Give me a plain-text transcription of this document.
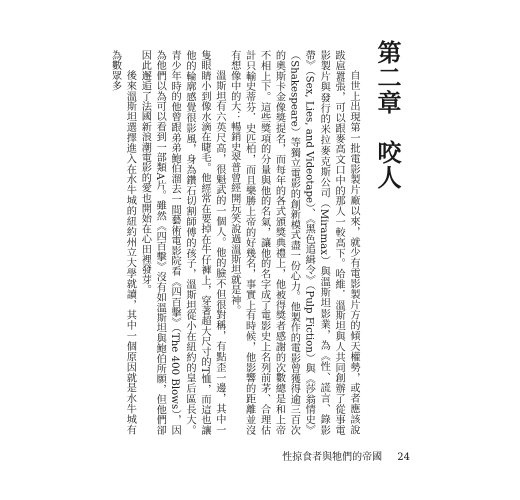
第二章　咬人

自世上出現第一批電影製片廠以來，就少有電影製片方的傾天權勢，或者應該說跋扈囂張，可以跟麥高文口中的那人一較高下。哈維．溫斯坦與人共同創辦了從事電影製片與發行的米拉麥克斯公司（Miramax）與溫斯坦影業，為《性、謊言、錄影帶》（Sex, Lies, and Videotape）、《黑色追緝令》（Pulp Fiction）與《莎翁情史》（Shakespeare）等獨立電影的創新模式盡一份心力。他製作的電影曾獲得逾三百次的奧斯卡金像獎提名，而每年的各式頒獎典禮上，他被得獎者感謝的次數總是和上帝不相上下。這些獎項的分量與他的名氣，讓他的名字成了電影史上名列前茅、合理估計只輸史蒂芬．史匹柏，而且樂勝上帝的好幾名，事實上有時候，他影響的距離並沒有想像中的大：暢銷史翠普曾經開玩笑說過溫斯坦就是神。

溫斯坦有六英尺高，很魁武的一個人。他的臉不但很對稱，有點歪一邊，其中一隻眼睛小到像水滴在睫毛。他經常在要掉在牛仔褲上，穿著超大尺寸的T恤，而這也讓他的輪廓感覺很影風，身為鑽石切割師傅的孩子，溫斯坦從小在紐約的皇后區長大。青少年時的他曾跟弟弟鮑伯溜去一間藝術電影院看《四百擊》（The 400 Blows），因為他們以為可以看到一部類A片。雖然《四百擊》沒有如溫斯坦與鮑伯所願，但他們卻因此邂逅了法國新浪潮電影的愛也開始在心田裡發芽。

後來溫斯坦選擇進入在水牛城的紐約州立大學就讀，其中一個原因就是水牛城有為數眾多

性掠食者與牠們的帝國 24
